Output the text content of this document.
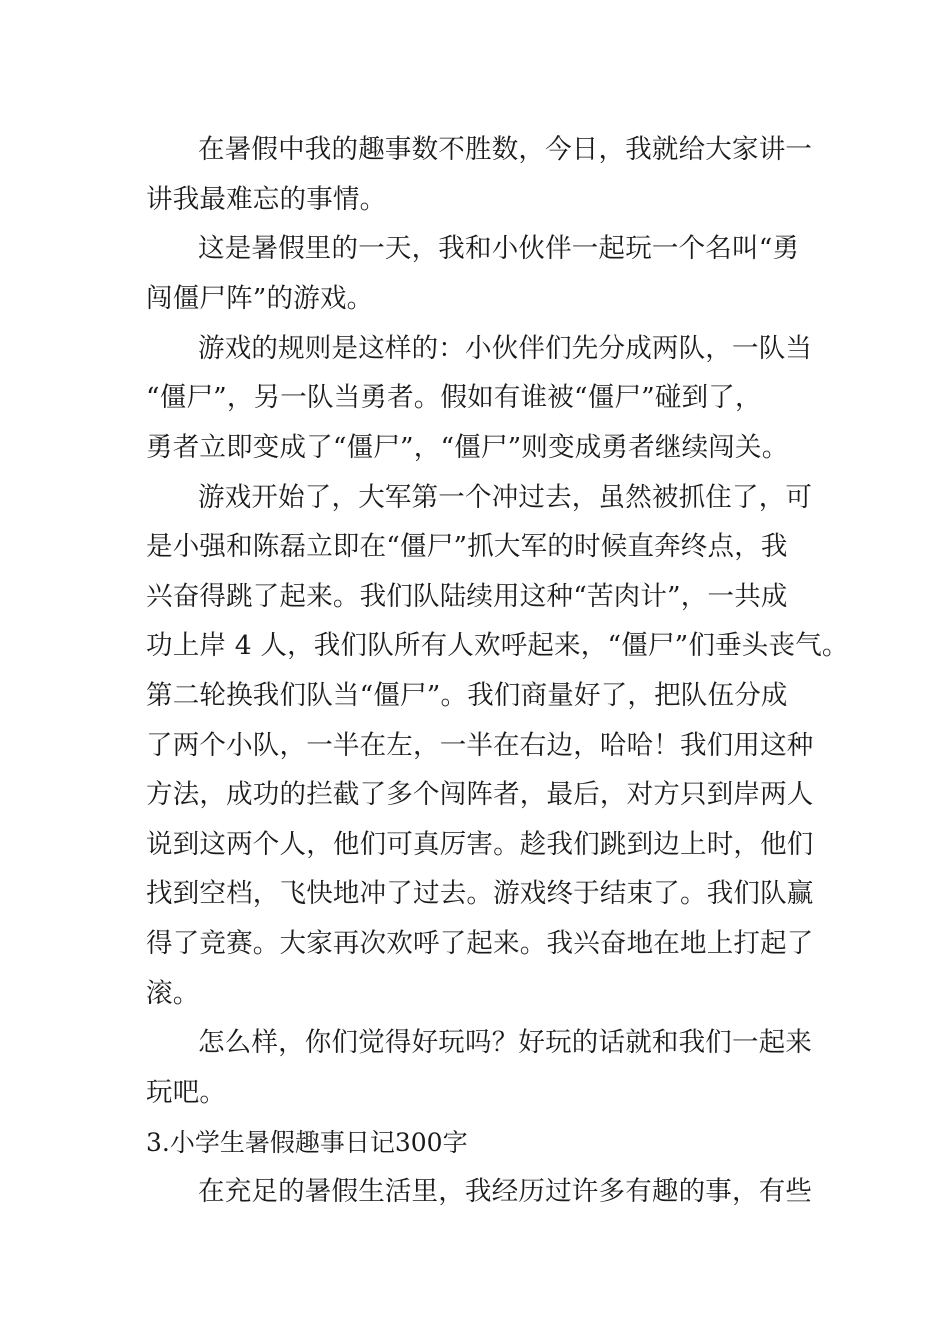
在暑假中我的趣事数不胜数，今日，我就给大家讲一
讲我最难忘的事情。
这是暑假里的一天，我和小伙伴一起玩一个名叫“勇
闯僵尸阵”的游戏。
游戏的规则是这样的：小伙伴们先分成两队，一队当
“僵尸”，另一队当勇者。假如有谁被“僵尸”碰到了，
勇者立即变成了“僵尸”，“僵尸”则变成勇者继续闯关。
游戏开始了，大军第一个冲过去，虽然被抓住了，可
是小强和陈磊立即在“僵尸”抓大军的时候直奔终点，我
兴奋得跳了起来。我们队陆续用这种“苦肉计”，一共成
功上岸 4 人，我们队所有人欢呼起来，“僵尸”们垂头丧气。
第二轮换我们队当“僵尸”。我们商量好了，把队伍分成
了两个小队，一半在左，一半在右边，哈哈！我们用这种
方法，成功的拦截了多个闯阵者，最后，对方只到岸两人
说到这两个人，他们可真厉害。趁我们跳到边上时，他们
找到空档，飞快地冲了过去。游戏终于结束了。我们队赢
得了竞赛。大家再次欢呼了起来。我兴奋地在地上打起了
滚。
怎么样，你们觉得好玩吗？好玩的话就和我们一起来
玩吧。
3.小学生暑假趣事日记300字
在充足的暑假生活里，我经历过许多有趣的事，有些
